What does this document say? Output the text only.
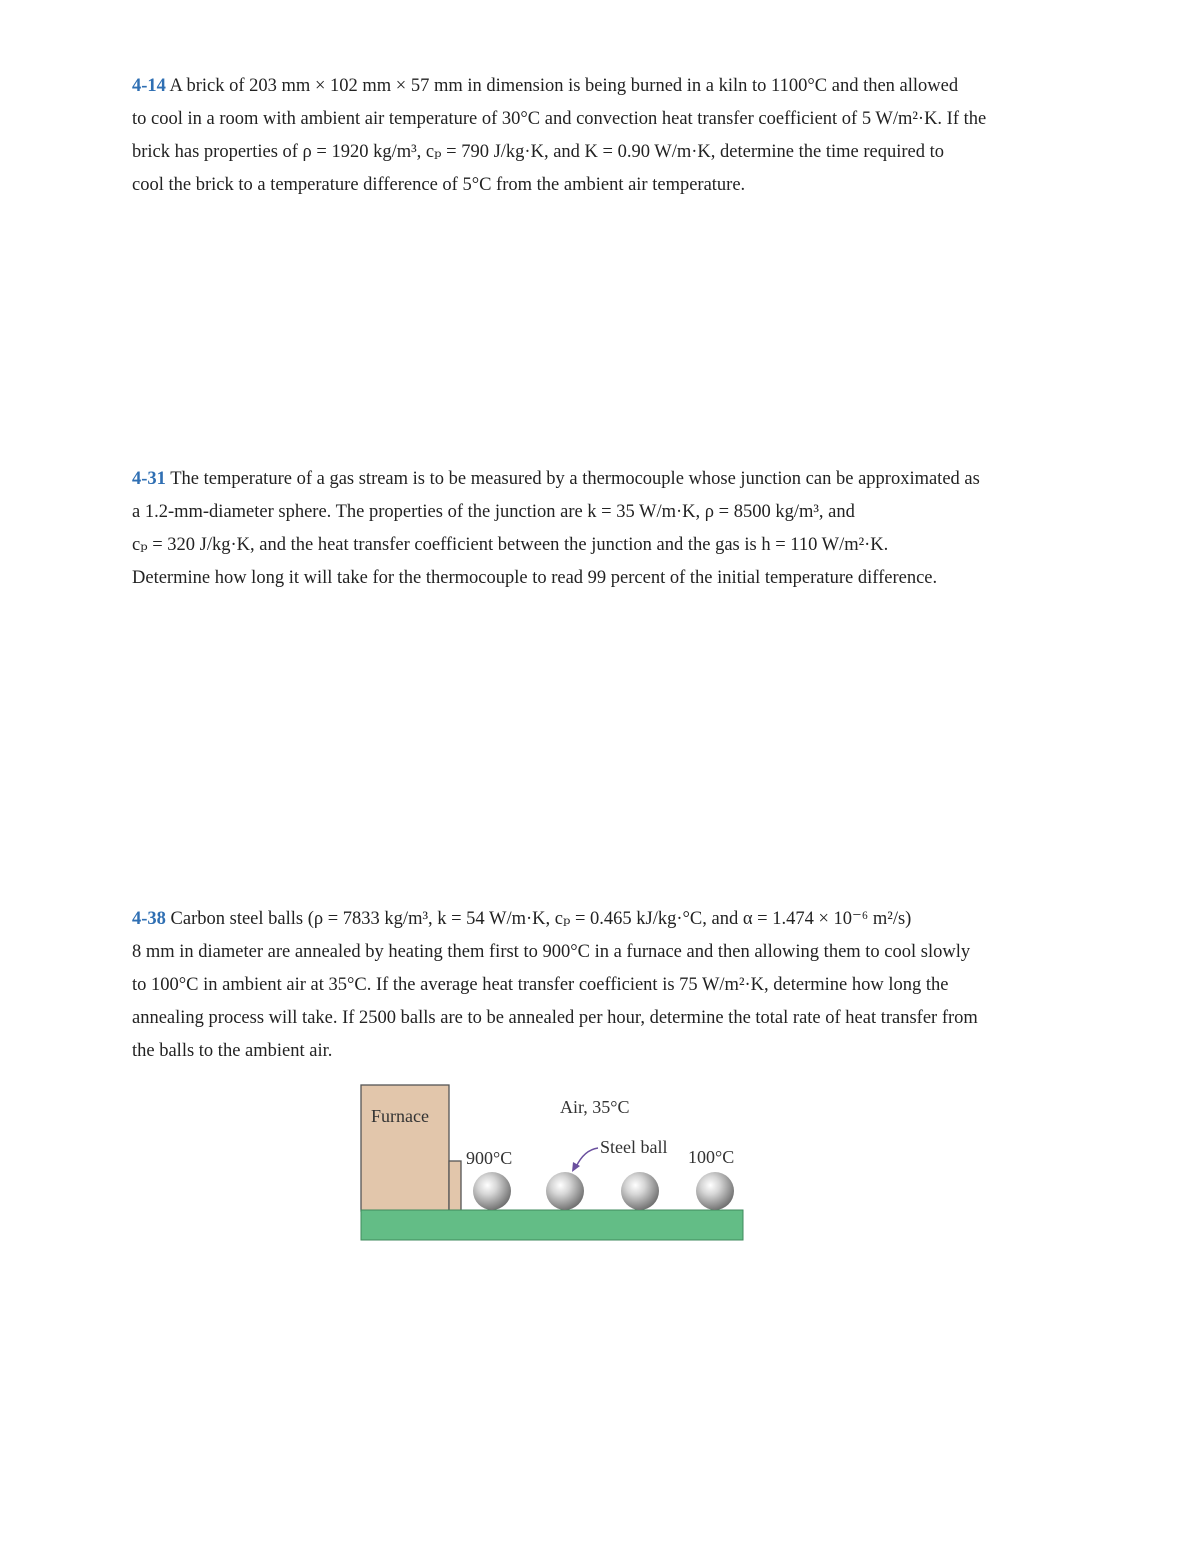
4-14 A brick of 203 mm × 102 mm × 57 mm in dimension is being burned in a kiln to 1100°C and then allowed
to cool in a room with ambient air temperature of 30°C and convection heat transfer coefficient of 5 W/m²·K. If the
brick has properties of ρ = 1920 kg/m³, cₚ = 790 J/kg·K, and K = 0.90 W/m·K, determine the time required to
cool the brick to a temperature difference of 5°C from the ambient air temperature.
4-31 The temperature of a gas stream is to be measured by a thermocouple whose junction can be approximated as
a 1.2-mm-diameter sphere. The properties of the junction are k = 35 W/m·K, ρ = 8500 kg/m³, and
cₚ = 320 J/kg·K, and the heat transfer coefficient between the junction and the gas is h = 110 W/m²·K.
Determine how long it will take for the thermocouple to read 99 percent of the initial temperature difference.
4-38 Carbon steel balls (ρ = 7833 kg/m³, k = 54 W/m·K, cₚ = 0.465 kJ/kg·°C, and α = 1.474 × 10⁻⁶ m²/s)
8 mm in diameter are annealed by heating them first to 900°C in a furnace and then allowing them to cool slowly
to 100°C in ambient air at 35°C. If the average heat transfer coefficient is 75 W/m²·K, determine how long the
annealing process will take. If 2500 balls are to be annealed per hour, determine the total rate of heat transfer from
the balls to the ambient air.
Furnace	Air, 35°C
900°C
Steel ball 100°C
